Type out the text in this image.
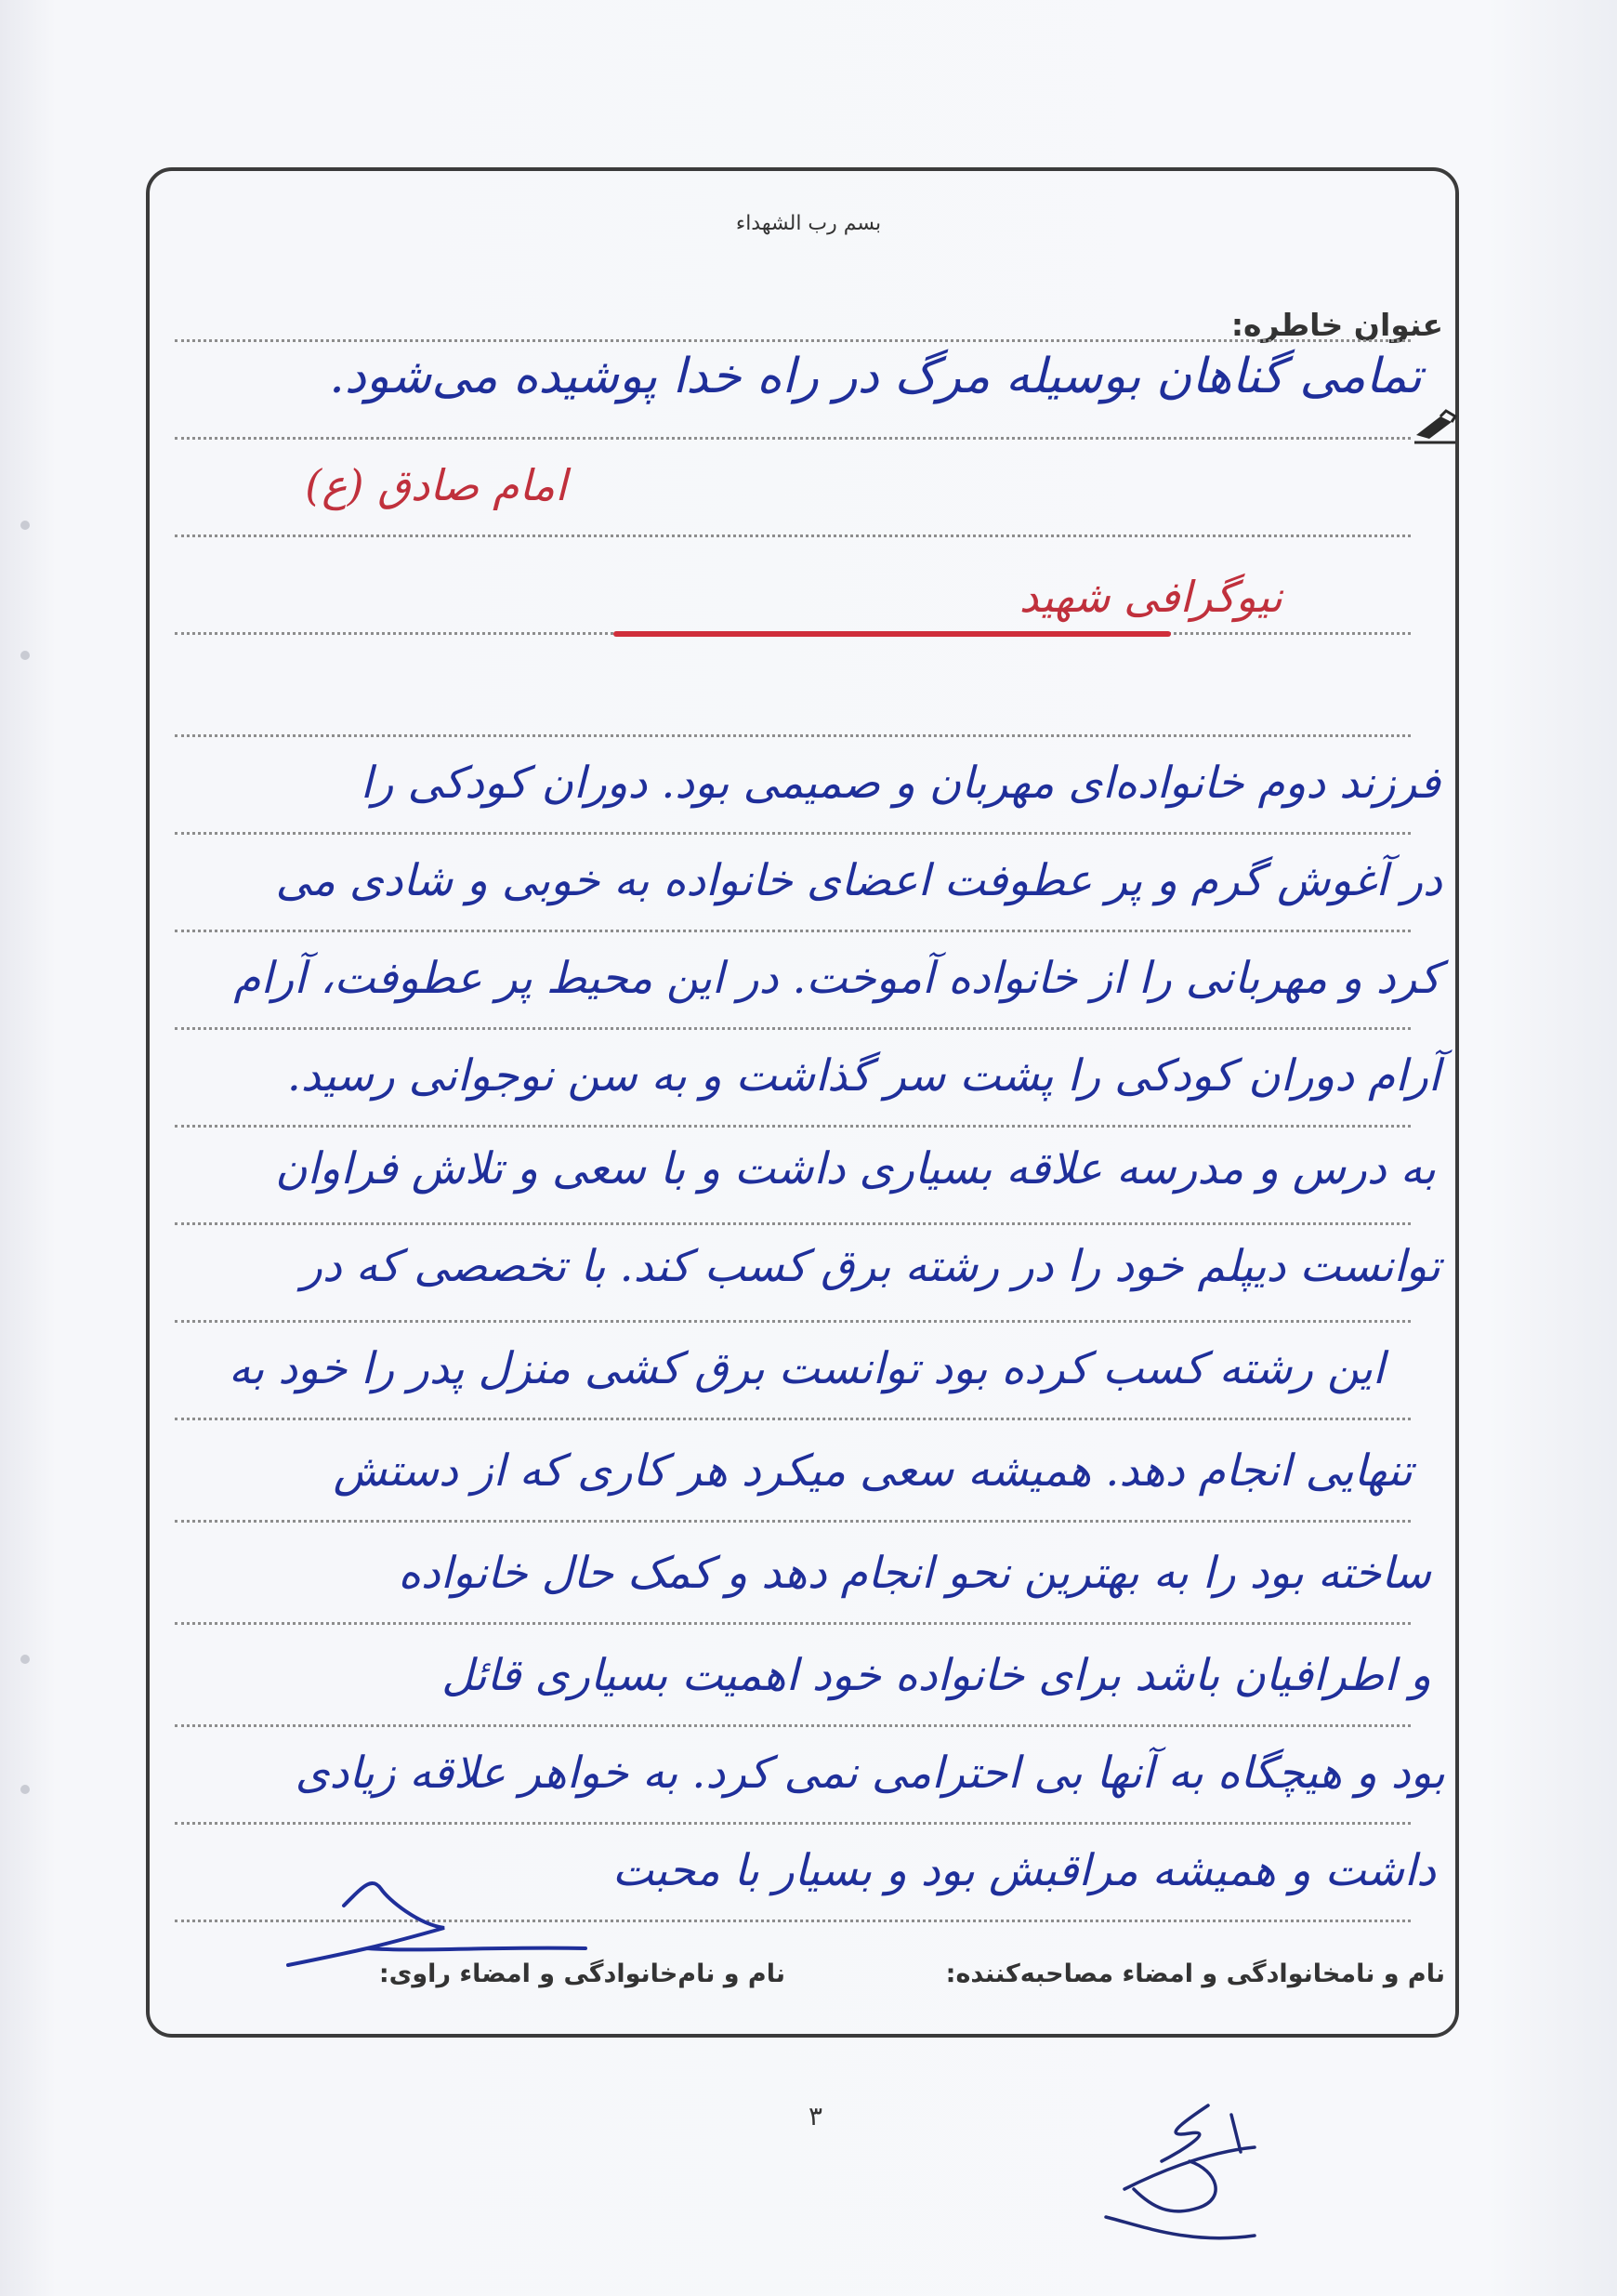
بسم رب الشهداء
عنوان خاطره:
تمامی گناهان بوسیله مرگ در راه خدا پوشیده می‌شود.
امام صادق (ع)
نیوگرافی شهید
فرزند دوم خانواده‌ای مهربان و صمیمی بود. دوران کودکی را
در آغوش گرم و پر عطوفت اعضای خانواده به خوبی و شادی می
کرد و مهربانی را از خانواده آموخت. در این محیط پر عطوفت، آرام
آرام دوران کودکی را پشت سر گذاشت و به سن نوجوانی رسید.
به درس و مدرسه علاقه بسیاری داشت و با سعی و تلاش فراوان
توانست دیپلم خود را در رشته برق کسب کند. با تخصصی که در
این رشته کسب کرده بود توانست برق کشی منزل پدر را خود به
تنهایی انجام دهد. همیشه سعی میکرد هر کاری که از دستش
ساخته بود را به بهترین نحو انجام دهد و کمک حال خانواده
و اطرافیان باشد برای خانواده خود اهمیت بسیاری قائل
بود و هیچگاه به آنها بی احترامی نمی کرد. به خواهر علاقه زیادی
داشت و همیشه مراقبش بود و بسیار با محبت
نام و نامخانوادگی و امضاء مصاحبه‌کننده:
نام و نام‌خانوادگی و امضاء راوی:
۳
